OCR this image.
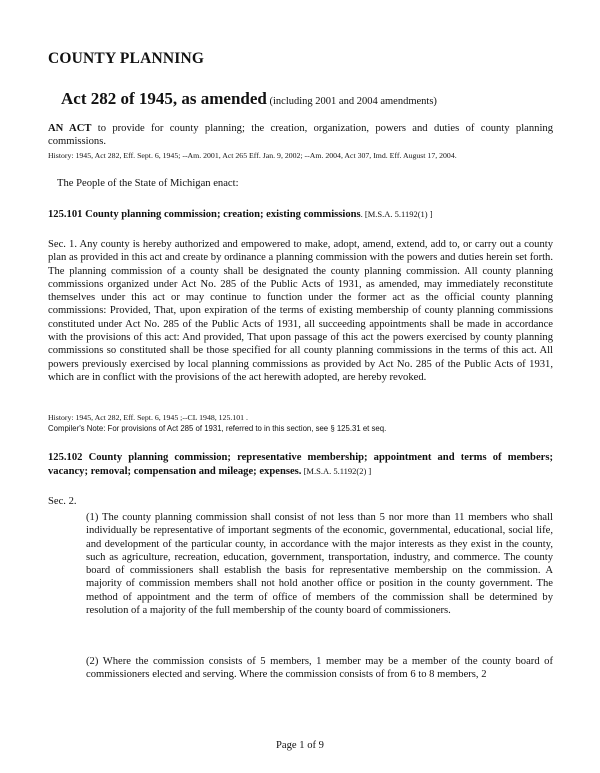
COUNTY PLANNING
Act 282 of 1945, as amended (including 2001 and 2004 amendments)
AN ACT to provide for county planning; the creation, organization, powers and duties of county planning commissions.
History: 1945, Act 282, Eff. Sept. 6, 1945; --Am. 2001, Act 265 Eff. Jan. 9, 2002; --Am. 2004, Act 307, Imd. Eff. August 17, 2004.
The People of the State of Michigan enact:
125.101 County planning commission; creation; existing commissions. [M.S.A. 5.1192(1) ]
Sec. 1. Any county is hereby authorized and empowered to make, adopt, amend, extend, add to, or carry out a county plan as provided in this act and create by ordinance a planning commission with the powers and duties herein set forth. The planning commission of a county shall be designated the county planning commission. All county planning commissions organized under Act No. 285 of the Public Acts of 1931, as amended, may immediately reconstitute themselves under this act or may continue to function under the former act as the official county planning commissions: Provided, That, upon expiration of the terms of existing membership of county planning commissions constituted under Act No. 285 of the Public Acts of 1931, all succeeding appointments shall be made in accordance with the provisions of this act: And provided, That upon passage of this act the powers exercised by county planning commissions so constituted shall be those specified for all county planning commissions in the terms of this act. All powers previously exercised by local planning commissions as provided by Act No. 285 of the Public Acts of 1931, which are in conflict with the provisions of the act herewith adopted, are hereby revoked.
History: 1945, Act 282, Eff. Sept. 6, 1945 ;--CL 1948, 125.101 .
Compiler's Note: For provisions of Act 285 of 1931, referred to in this section, see § 125.31 et seq.
125.102 County planning commission; representative membership; appointment and terms of members; vacancy; removal; compensation and mileage; expenses. [M.S.A. 5.1192(2) ]
Sec. 2.
(1) The county planning commission shall consist of not less than 5 nor more than 11 members who shall individually be representative of important segments of the economic, governmental, educational, social life, and development of the particular county, in accordance with the major interests as they exist in the county, such as agriculture, recreation, education, government, transportation, industry, and commerce. The county board of commissioners shall establish the basis for representative membership on the commission. A majority of commission members shall not hold another office or position in the county government. The method of appointment and the term of office of members of the commission shall be determined by resolution of a majority of the full membership of the county board of commissioners.
(2) Where the commission consists of 5 members, 1 member may be a member of the county board of commissioners elected and serving. Where the commission consists of from 6 to 8 members, 2
Page 1 of 9
